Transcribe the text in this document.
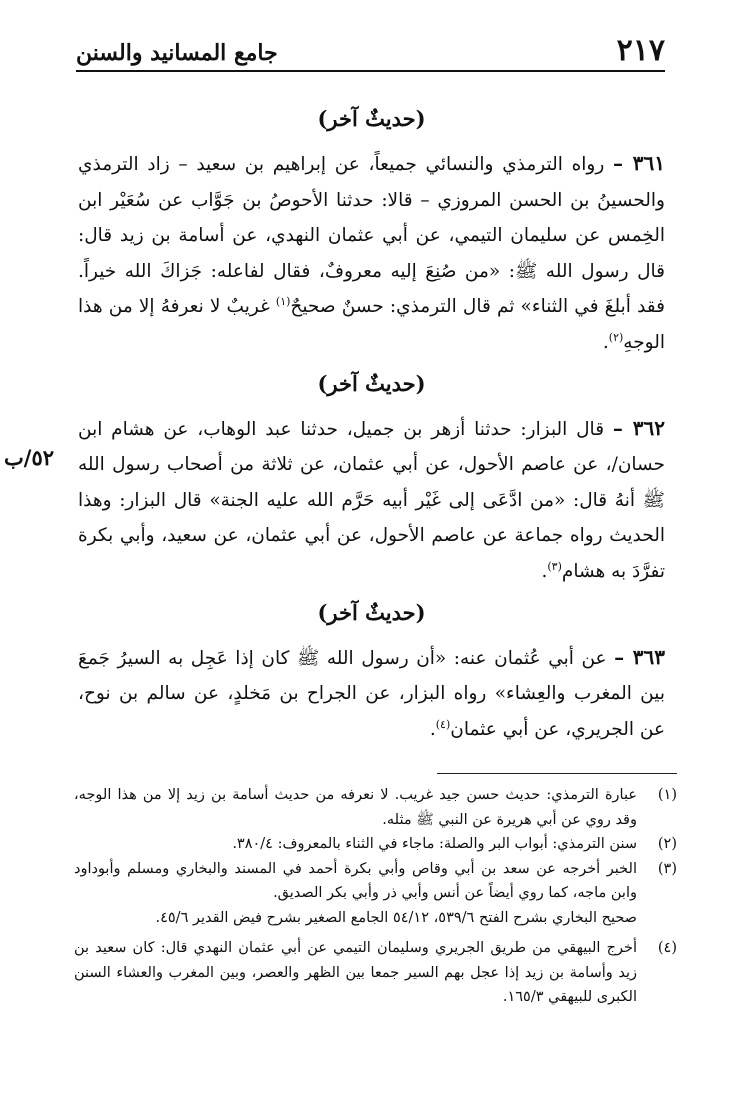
٢١٧
جامع المسانيد والسنن
(حديثٌ آخر)

٣٦١ – رواه الترمذي والنسائي جميعاً، عن إبراهيم بن سعيد – زاد الترمذي والحسينُ بن الحسن المروزي – قالا: حدثنا الأحوصُ بن جَوَّاب عن سُعَيْر ابن الخِمس عن سليمان التيمي، عن أبي عثمان النهدي، عن أسامة بن زيد قال: قال رسول الله ﷺ: «من صُنِعَ إليه معروفٌ، فقال لفاعله: جَزاكَ الله خيراً. فقد أبلغَ في الثناء» ثم قال الترمذي: حسنٌ صحيحٌ$^{(١)}$ غريبٌ لا نعرفهُ إلا من هذا الوجهِ$^{(٢)}$.

(حديثٌ آخر)

٣٦٢ – قال البزار: حدثنا أزهر بن جميل، حدثنا عبد الوهاب، عن هشام ابن حسان/، عن عاصم الأحول، عن أبي عثمان، عن ثلاثة من أصحاب رسول الله ﷺ أنهُ قال: «من ادَّعَى إلى غَيْر أبيه حَرَّم الله عليه الجنة» قال البزار: وهذا الحديث رواه جماعة عن عاصم الأحول، عن أبي عثمان، عن سعيد، وأبي بكرة تفرَّدَ به هشام$^{(٣)}$.

(حديثٌ آخر)

٣٦٣ – عن أبي عُثمان عنه: «أن رسول الله ﷺ كان إذا عَجِل به السيرُ جَمعَ بين المغرب والعِشاء» رواه البزار، عن الجراح بن مَخلدٍ، عن سالم بن نوح، عن الجريري، عن أبي عثمان$^{(٤)}$.

٥٢/ب
(١)
عبارة الترمذي: حديث حسن جيد غريب. لا نعرفه من حديث أسامة بن زيد إلا من هذا الوجه، وقد روي عن أبي هريرة عن النبي ﷺ مثله.
(٢)
سنن الترمذي: أبواب البر والصلة: ماجاء في الثناء بالمعروف: ٣٨٠/٤.
(٣)
الخبر أخرجه عن سعد بن أبي وقاص وأبي بكرة أحمد في المسند والبخاري ومسلم وأبوداود وابن ماجه، كما روي أيضاً عن أنس وأبي ذر وأبي بكر الصديق.
صحيح البخاري بشرح الفتح ٥٣٩/٦، ٥٤/١٢ الجامع الصغير بشرح فيض القدير ٤٥/٦.
(٤)
أخرج البيهقي من طريق الجريري وسليمان التيمي عن أبي عثمان النهدي قال: كان سعيد بن زيد وأسامة بن زيد إذا عجل بهم السير جمعا بين الظهر والعصر، وبين المغرب والعشاء السنن الكبرى للبيهقي ١٦٥/٣.
